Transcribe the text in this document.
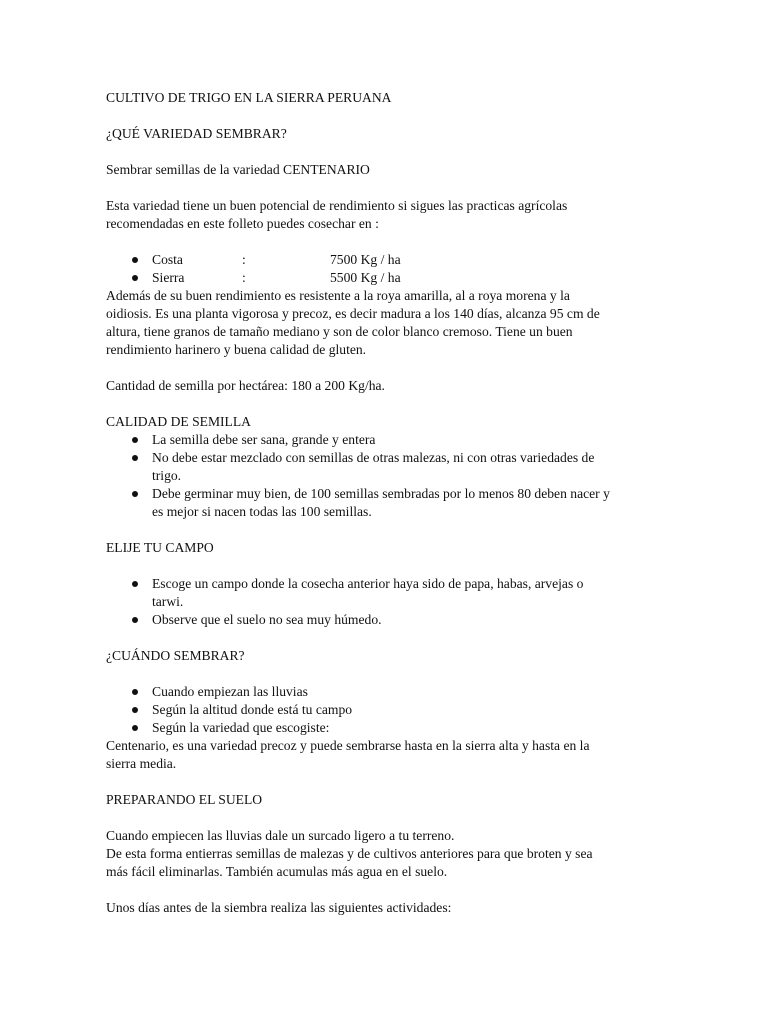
CULTIVO DE TRIGO EN LA SIERRA PERUANA

¿QUÉ VARIEDAD SEMBRAR?

Sembrar semillas de la variedad CENTENARIO

Esta variedad tiene un buen potencial de rendimiento si sigues las practicas agrícolas
recomendadas en este folleto puedes cosechar en :

Costa	:	7500 Kg / ha
Sierra	:	5500 Kg / ha

Además de su buen rendimiento es resistente a la roya amarilla, al a roya morena y la
oidiosis. Es una planta vigorosa y precoz, es decir madura a los 140 días, alcanza 95 cm de
altura, tiene granos de tamaño mediano y son de color blanco cremoso. Tiene un buen
rendimiento harinero y buena calidad de gluten.

Cantidad de semilla por hectárea: 180 a 200 Kg/ha.

CALIDAD DE SEMILLA

La semilla debe ser sana, grande y entera
No debe estar mezclado con semillas de otras malezas, ni con otras variedades de
trigo.
Debe germinar muy bien, de 100 semillas sembradas por lo menos 80 deben nacer y
es mejor si nacen todas las 100 semillas.

ELIJE TU CAMPO

Escoge un campo donde la cosecha anterior haya sido de papa, habas, arvejas o
tarwi.
Observe que el suelo no sea muy húmedo.

¿CUÁNDO SEMBRAR?

Cuando empiezan las lluvias
Según la altitud donde está tu campo
Según la variedad que escogiste:

Centenario, es una variedad precoz y puede sembrarse hasta en la sierra alta y hasta en la
sierra media.

PREPARANDO EL SUELO

Cuando empiecen las lluvias dale un surcado ligero a tu terreno.

De esta forma entierras semillas de malezas y de cultivos anteriores para que broten y sea
más fácil eliminarlas. También acumulas más agua en el suelo.

Unos días antes de la siembra realiza las siguientes actividades:
